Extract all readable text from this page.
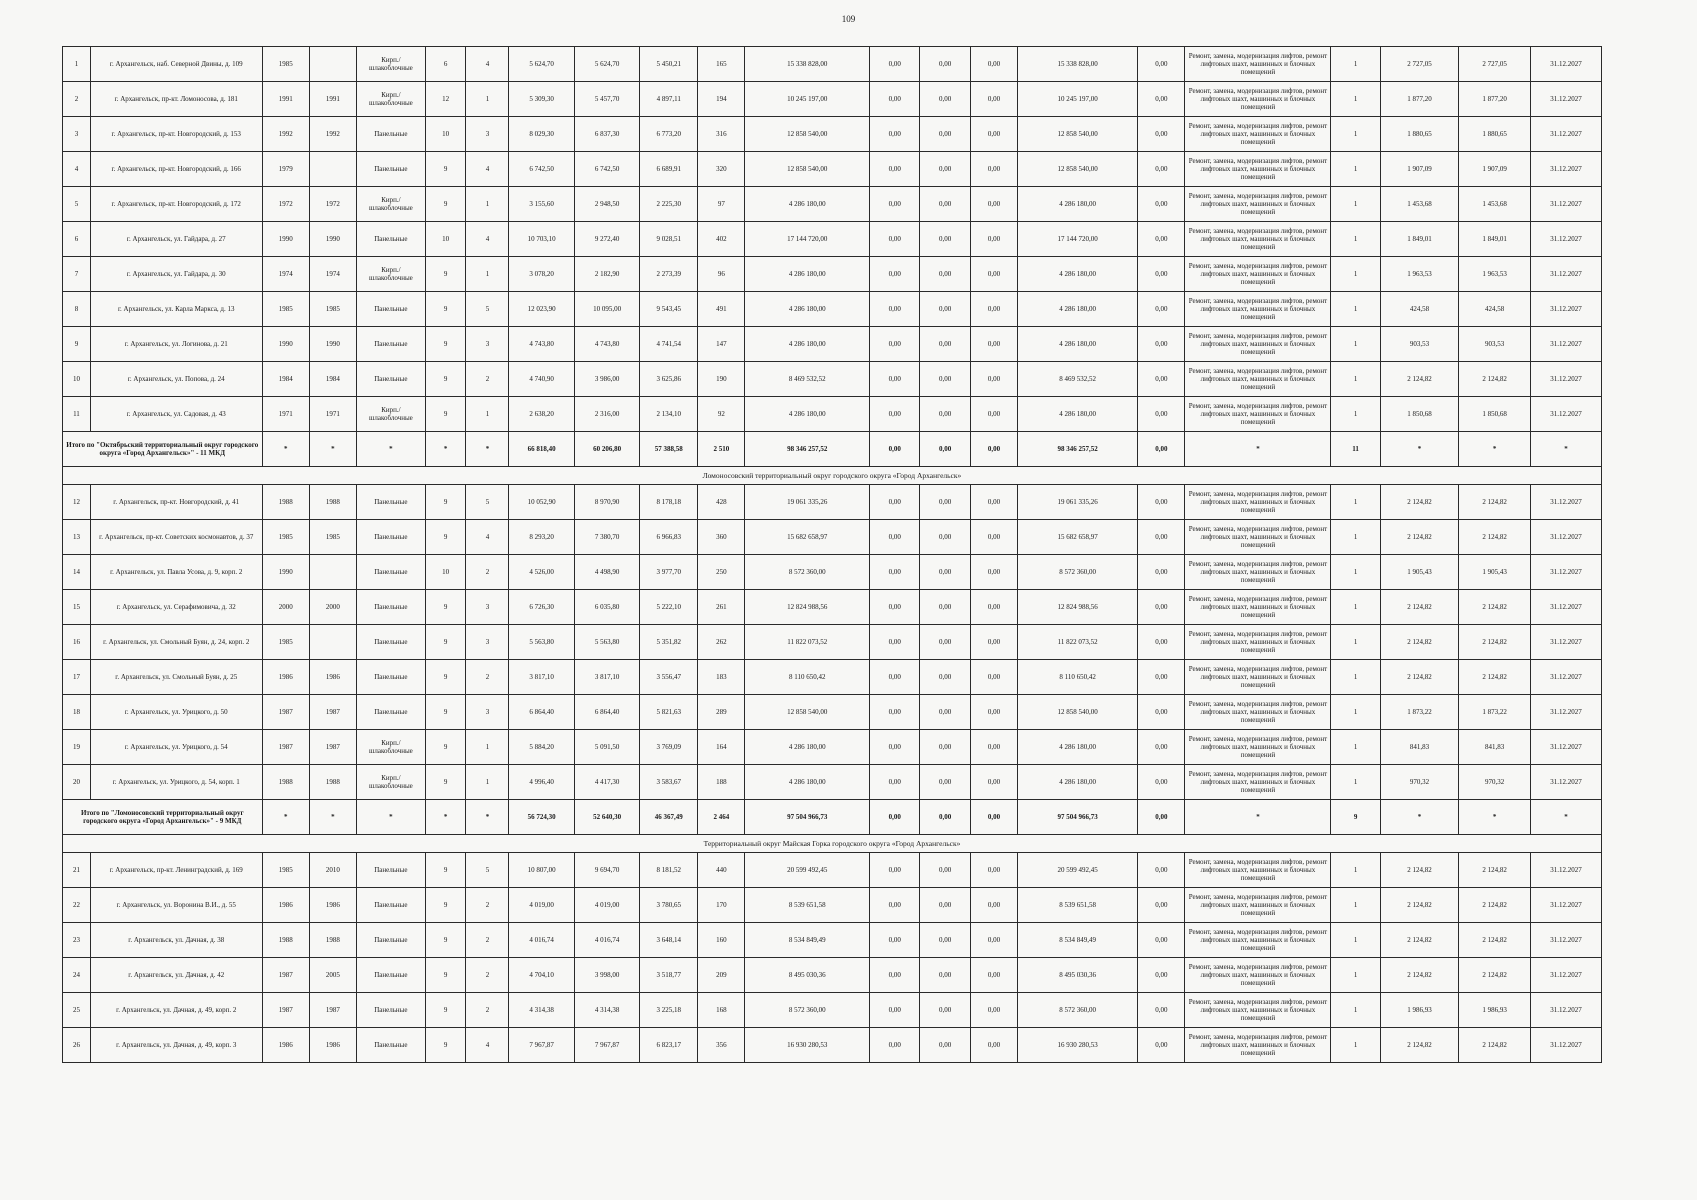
109
1	г. Архангельск, наб. Северной Двины, д. 109	1985		Кирп./ шлакоблочные	6	4	5 624,70	5 624,70	5 450,21	165	15 338 828,00	0,00	0,00	0,00	15 338 828,00	0,00	Ремонт, замена, модернизация лифтов, ремонт лифтовых шахт, машинных и блочных помещений	1	2 727,05	2 727,05	31.12.2027
2	г. Архангельск, пр-кт. Ломоносова, д. 181	1991	1991	Кирп./ шлакоблочные	12	1	5 309,30	5 457,70	4 897,11	194	10 245 197,00	0,00	0,00	0,00	10 245 197,00	0,00	Ремонт, замена, модернизация лифтов, ремонт лифтовых шахт, машинных и блочных помещений	1	1 877,20	1 877,20	31.12.2027
3	г. Архангельск, пр-кт. Новгородский, д. 153	1992	1992	Панельные	10	3	8 029,30	6 837,30	6 773,20	316	12 858 540,00	0,00	0,00	0,00	12 858 540,00	0,00	Ремонт, замена, модернизация лифтов, ремонт лифтовых шахт, машинных и блочных помещений	1	1 880,65	1 880,65	31.12.2027
4	г. Архангельск, пр-кт. Новгородский, д. 166	1979		Панельные	9	4	6 742,50	6 742,50	6 689,91	320	12 858 540,00	0,00	0,00	0,00	12 858 540,00	0,00	Ремонт, замена, модернизация лифтов, ремонт лифтовых шахт, машинных и блочных помещений	1	1 907,09	1 907,09	31.12.2027
5	г. Архангельск, пр-кт. Новгородский, д. 172	1972	1972	Кирп./ шлакоблочные	9	1	3 155,60	2 948,50	2 225,30	97	4 286 180,00	0,00	0,00	0,00	4 286 180,00	0,00	Ремонт, замена, модернизация лифтов, ремонт лифтовых шахт, машинных и блочных помещений	1	1 453,68	1 453,68	31.12.2027
6	г. Архангельск, ул. Гайдара, д. 27	1990	1990	Панельные	10	4	10 703,10	9 272,40	9 028,51	402	17 144 720,00	0,00	0,00	0,00	17 144 720,00	0,00	Ремонт, замена, модернизация лифтов, ремонт лифтовых шахт, машинных и блочных помещений	1	1 849,01	1 849,01	31.12.2027
7	г. Архангельск, ул. Гайдара, д. 30	1974	1974	Кирп./ шлакоблочные	9	1	3 078,20	2 182,90	2 273,39	96	4 286 180,00	0,00	0,00	0,00	4 286 180,00	0,00	Ремонт, замена, модернизация лифтов, ремонт лифтовых шахт, машинных и блочных помещений	1	1 963,53	1 963,53	31.12.2027
8	г. Архангельск, ул. Карла Маркса, д. 13	1985	1985	Панельные	9	5	12 023,90	10 095,00	9 543,45	491	4 286 180,00	0,00	0,00	0,00	4 286 180,00	0,00	Ремонт, замена, модернизация лифтов, ремонт лифтовых шахт, машинных и блочных помещений	1	424,58	424,58	31.12.2027
9	г. Архангельск, ул. Логинова, д. 21	1990	1990	Панельные	9	3	4 743,80	4 743,80	4 741,54	147	4 286 180,00	0,00	0,00	0,00	4 286 180,00	0,00	Ремонт, замена, модернизация лифтов, ремонт лифтовых шахт, машинных и блочных помещений	1	903,53	903,53	31.12.2027
10	г. Архангельск, ул. Попова, д. 24	1984	1984	Панельные	9	2	4 740,90	3 986,00	3 625,86	190	8 469 532,52	0,00	0,00	0,00	8 469 532,52	0,00	Ремонт, замена, модернизация лифтов, ремонт лифтовых шахт, машинных и блочных помещений	1	2 124,82	2 124,82	31.12.2027
11	г. Архангельск, ул. Садовая, д. 43	1971	1971	Кирп./ шлакоблочные	9	1	2 638,20	2 316,00	2 134,10	92	4 286 180,00	0,00	0,00	0,00	4 286 180,00	0,00	Ремонт, замена, модернизация лифтов, ремонт лифтовых шахт, машинных и блочных помещений	1	1 850,68	1 850,68	31.12.2027
Итого по "Октябрьский территориальный округ городского округа «Город Архангельск»" - 11 МКД		*	*	*	*	*	66 818,40	60 206,80	57 388,58	2 510	98 346 257,52	0,00	0,00	0,00	98 346 257,52	0,00	*	11	*	*	*
Ломоносовский территориальный округ городского округа «Город Архангельск»																					
12	г. Архангельск, пр-кт. Новгородский, д. 41	1988	1988	Панельные	9	5	10 052,90	8 970,90	8 178,18	428	19 061 335,26	0,00	0,00	0,00	19 061 335,26	0,00	Ремонт, замена, модернизация лифтов, ремонт лифтовых шахт, машинных и блочных помещений	1	2 124,82	2 124,82	31.12.2027
13	г. Архангельск, пр-кт. Советских космонавтов, д. 37	1985	1985	Панельные	9	4	8 293,20	7 380,70	6 966,83	360	15 682 658,97	0,00	0,00	0,00	15 682 658,97	0,00	Ремонт, замена, модернизация лифтов, ремонт лифтовых шахт, машинных и блочных помещений	1	2 124,82	2 124,82	31.12.2027
14	г. Архангельск, ул. Павла Усова, д. 9, корп. 2	1990		Панельные	10	2	4 526,00	4 498,90	3 977,70	250	8 572 360,00	0,00	0,00	0,00	8 572 360,00	0,00	Ремонт, замена, модернизация лифтов, ремонт лифтовых шахт, машинных и блочных помещений	1	1 905,43	1 905,43	31.12.2027
15	г. Архангельск, ул. Серафимовича, д. 32	2000	2000	Панельные	9	3	6 726,30	6 035,80	5 222,10	261	12 824 988,56	0,00	0,00	0,00	12 824 988,56	0,00	Ремонт, замена, модернизация лифтов, ремонт лифтовых шахт, машинных и блочных помещений	1	2 124,82	2 124,82	31.12.2027
16	г. Архангельск, ул. Смольный Буян, д. 24, корп. 2	1985		Панельные	9	3	5 563,80	5 563,80	5 351,82	262	11 822 073,52	0,00	0,00	0,00	11 822 073,52	0,00	Ремонт, замена, модернизация лифтов, ремонт лифтовых шахт, машинных и блочных помещений	1	2 124,82	2 124,82	31.12.2027
17	г. Архангельск, ул. Смольный Буян, д. 25	1986	1986	Панельные	9	2	3 817,10	3 817,10	3 556,47	183	8 110 650,42	0,00	0,00	0,00	8 110 650,42	0,00	Ремонт, замена, модернизация лифтов, ремонт лифтовых шахт, машинных и блочных помещений	1	2 124,82	2 124,82	31.12.2027
18	г. Архангельск, ул. Урицкого, д. 50	1987	1987	Панельные	9	3	6 864,40	6 864,40	5 821,63	289	12 858 540,00	0,00	0,00	0,00	12 858 540,00	0,00	Ремонт, замена, модернизация лифтов, ремонт лифтовых шахт, машинных и блочных помещений	1	1 873,22	1 873,22	31.12.2027
19	г. Архангельск, ул. Урицкого, д. 54	1987	1987	Кирп./ шлакоблочные	9	1	5 884,20	5 091,50	3 769,09	164	4 286 180,00	0,00	0,00	0,00	4 286 180,00	0,00	Ремонт, замена, модернизация лифтов, ремонт лифтовых шахт, машинных и блочных помещений	1	841,83	841,83	31.12.2027
20	г. Архангельск, ул. Урицкого, д. 54, корп. 1	1988	1988	Кирп./ шлакоблочные	9	1	4 996,40	4 417,30	3 583,67	188	4 286 180,00	0,00	0,00	0,00	4 286 180,00	0,00	Ремонт, замена, модернизация лифтов, ремонт лифтовых шахт, машинных и блочных помещений	1	970,32	970,32	31.12.2027
Итого по "Ломоносовский территориальный округ городского округа «Город Архангельск»" - 9 МКД		*	*	*	*	*	56 724,30	52 640,30	46 367,49	2 464	97 504 966,73	0,00	0,00	0,00	97 504 966,73	0,00	*	9	*	*	*
Территориальный округ Майская Горка городского округа «Город Архангельск»																					
21	г. Архангельск, пр-кт. Ленинградский, д. 169	1985	2010	Панельные	9	5	10 807,00	9 694,70	8 181,52	440	20 599 492,45	0,00	0,00	0,00	20 599 492,45	0,00	Ремонт, замена, модернизация лифтов, ремонт лифтовых шахт, машинных и блочных помещений	1	2 124,82	2 124,82	31.12.2027
22	г. Архангельск, ул. Воронина В.И., д. 55	1986	1986	Панельные	9	2	4 019,00	4 019,00	3 780,65	170	8 539 651,58	0,00	0,00	0,00	8 539 651,58	0,00	Ремонт, замена, модернизация лифтов, ремонт лифтовых шахт, машинных и блочных помещений	1	2 124,82	2 124,82	31.12.2027
23	г. Архангельск, ул. Дачная, д. 38	1988	1988	Панельные	9	2	4 016,74	4 016,74	3 648,14	160	8 534 849,49	0,00	0,00	0,00	8 534 849,49	0,00	Ремонт, замена, модернизация лифтов, ремонт лифтовых шахт, машинных и блочных помещений	1	2 124,82	2 124,82	31.12.2027
24	г. Архангельск, ул. Дачная, д. 42	1987	2005	Панельные	9	2	4 704,10	3 998,00	3 518,77	209	8 495 030,36	0,00	0,00	0,00	8 495 030,36	0,00	Ремонт, замена, модернизация лифтов, ремонт лифтовых шахт, машинных и блочных помещений	1	2 124,82	2 124,82	31.12.2027
25	г. Архангельск, ул. Дачная, д. 49, корп. 2	1987	1987	Панельные	9	2	4 314,38	4 314,38	3 225,18	168	8 572 360,00	0,00	0,00	0,00	8 572 360,00	0,00	Ремонт, замена, модернизация лифтов, ремонт лифтовых шахт, машинных и блочных помещений	1	1 986,93	1 986,93	31.12.2027
26	г. Архангельск, ул. Дачная, д. 49, корп. 3	1986	1986	Панельные	9	4	7 967,87	7 967,87	6 823,17	356	16 930 280,53	0,00	0,00	0,00	16 930 280,53	0,00	Ремонт, замена, модернизация лифтов, ремонт лифтовых шахт, машинных и блочных помещений	1	2 124,82	2 124,82	31.12.2027
